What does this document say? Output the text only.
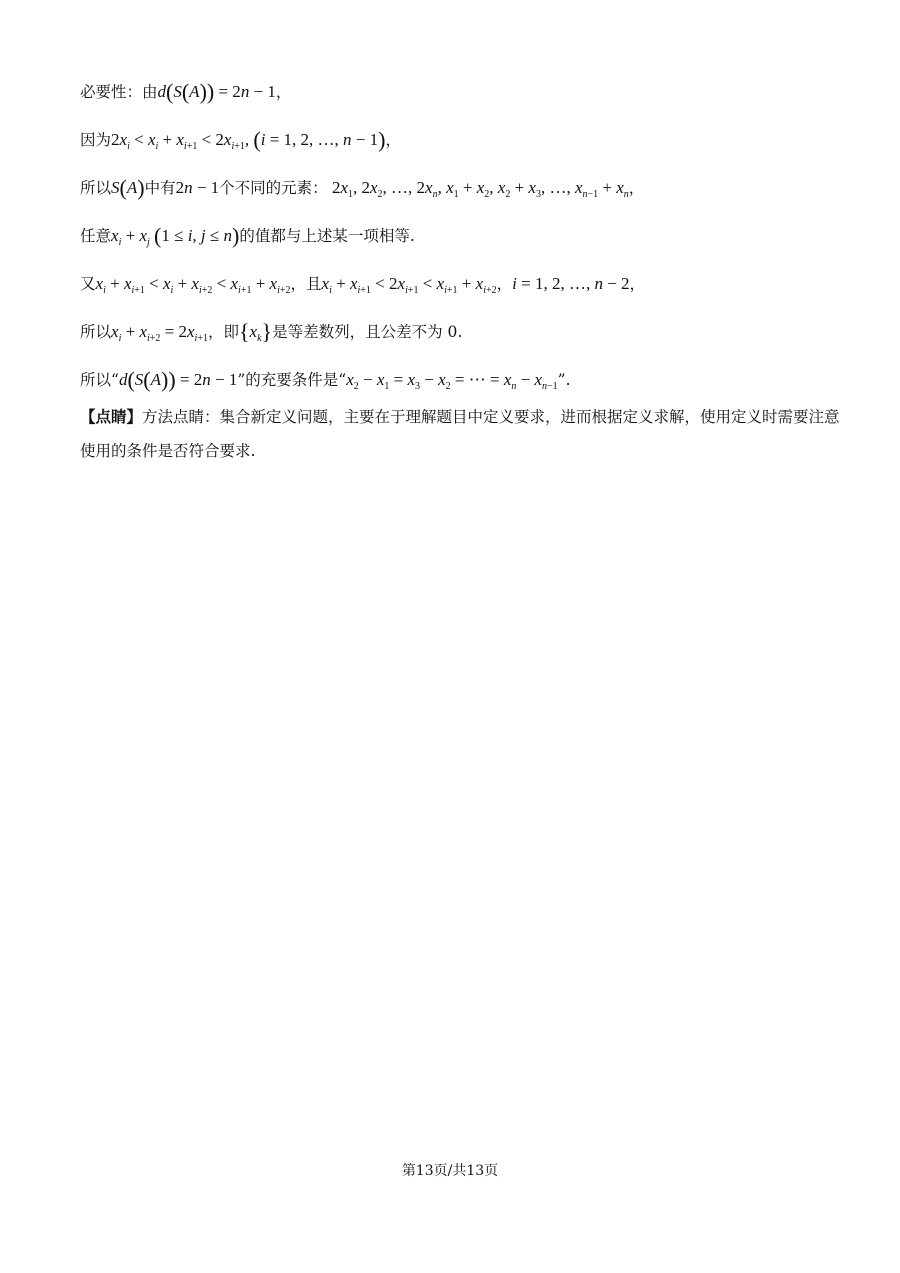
必要性：由d(S(A)) = 2n − 1，
因为$2x_i < x_i + x_{i+1} < 2x_{i+1}$, (i = 1, 2, …, n − 1)，
所以S(A)中有2n − 1个不同的元素： $2x_1$, $2x_2$, …, $2x_n$, $x_1 + x_2$, $x_2 + x_3$, …, $x_{n-1} + x_n$，
任意$x_i + x_j$ (1 ≤ i, j ≤ n)的值都与上述某一项相等.
又$x_i + x_{i+1} < x_i + x_{i+2} < x_{i+1} + x_{i+2}$，且$x_i + x_{i+1} < 2x_{i+1} < x_{i+1} + x_{i+2}$，i = 1, 2, …, n − 2，
所以$x_i + x_{i+2} = 2x_{i+1}$，即$\{x_k\}$是等差数列，且公差不为 0.
所以“d(S(A)) = 2n − 1”的充要条件是“$x_2 - x_1 = x_3 - x_2$ = ⋯ = $x_n - x_{n-1}$”.
【点睛】方法点睛：集合新定义问题，主要在于理解题目中定义要求，进而根据定义求解，使用定义时需要注意使用的条件是否符合要求.
第13页/共13页
